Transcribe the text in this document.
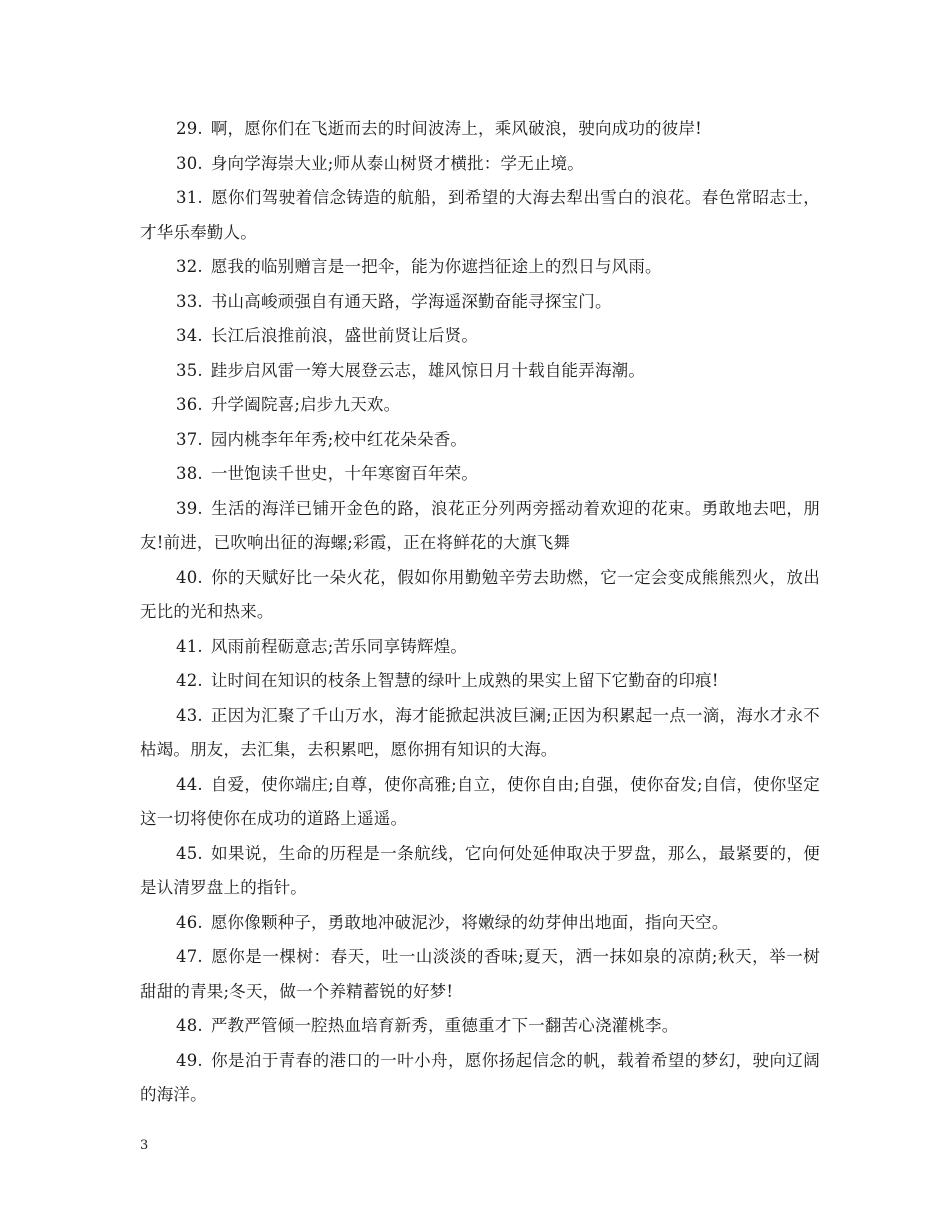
29. 啊，愿你们在飞逝而去的时间波涛上，乘风破浪，驶向成功的彼岸!

30. 身向学海崇大业;师从泰山树贤才横批：学无止境。

31. 愿你们驾驶着信念铸造的航船，到希望的大海去犁出雪白的浪花。春色常昭志士，才华乐奉勤人。

32. 愿我的临别赠言是一把伞，能为你遮挡征途上的烈日与风雨。

33. 书山高峻顽强自有通天路，学海遥深勤奋能寻探宝门。

34. 长江后浪推前浪，盛世前贤让后贤。

35. 跬步启风雷一筹大展登云志，雄风惊日月十载自能弄海潮。

36. 升学阖院喜;启步九天欢。

37. 园内桃李年年秀;校中红花朵朵香。

38. 一世饱读千世史，十年寒窗百年荣。

39. 生活的海洋已铺开金色的路，浪花正分列两旁摇动着欢迎的花束。勇敢地去吧，朋友!前进，已吹响出征的海螺;彩霞，正在将鲜花的大旗飞舞

40. 你的天赋好比一朵火花，假如你用勤勉辛劳去助燃，它一定会变成熊熊烈火，放出无比的光和热来。

41. 风雨前程砺意志;苦乐同享铸辉煌。

42. 让时间在知识的枝条上智慧的绿叶上成熟的果实上留下它勤奋的印痕!

43. 正因为汇聚了千山万水，海才能掀起洪波巨澜;正因为积累起一点一滴，海水才永不枯竭。朋友，去汇集，去积累吧，愿你拥有知识的大海。

44. 自爱，使你端庄;自尊，使你高雅;自立，使你自由;自强，使你奋发;自信，使你坚定这一切将使你在成功的道路上遥遥。

45. 如果说，生命的历程是一条航线，它向何处延伸取决于罗盘，那么，最紧要的，便是认清罗盘上的指针。

46. 愿你像颗种子，勇敢地冲破泥沙，将嫩绿的幼芽伸出地面，指向天空。

47. 愿你是一棵树：春天，吐一山淡淡的香味;夏天，洒一抹如泉的凉荫;秋天，举一树甜甜的青果;冬天，做一个养精蓄锐的好梦!

48. 严教严管倾一腔热血培育新秀，重德重才下一翻苦心浇灌桃李。

49. 你是泊于青春的港口的一叶小舟，愿你扬起信念的帆，载着希望的梦幻，驶向辽阔的海洋。

3
